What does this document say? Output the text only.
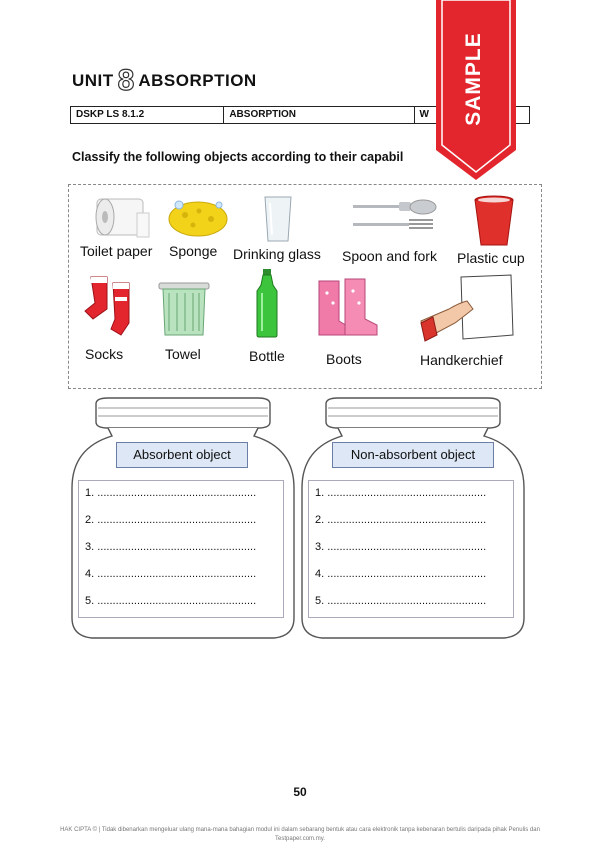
UNIT 8 ABSORPTION
DSKP LS 8.1.2	ABSORPTION	W
Classify the following objects according to their capabil
SAMPLE
Toilet paper Sponge Drinking glass Spoon and fork Plastic cup
Socks	Towel	Bottle	Boots	Handkerchief
Absorbent object
1. ....................................................
2. ....................................................
3. ....................................................
4. ....................................................
5. ....................................................
Non-absorbent object
1. ....................................................
2. ....................................................
3. ....................................................
4. ....................................................
5. ....................................................
50
HAK CIPTA © | Tidak dibenarkan mengeluar ulang mana-mana bahagian modul ini dalam sebarang bentuk atau cara elektronik tanpa kebenaran bertulis daripada pihak Penulis dan Testpaper.com.my.
